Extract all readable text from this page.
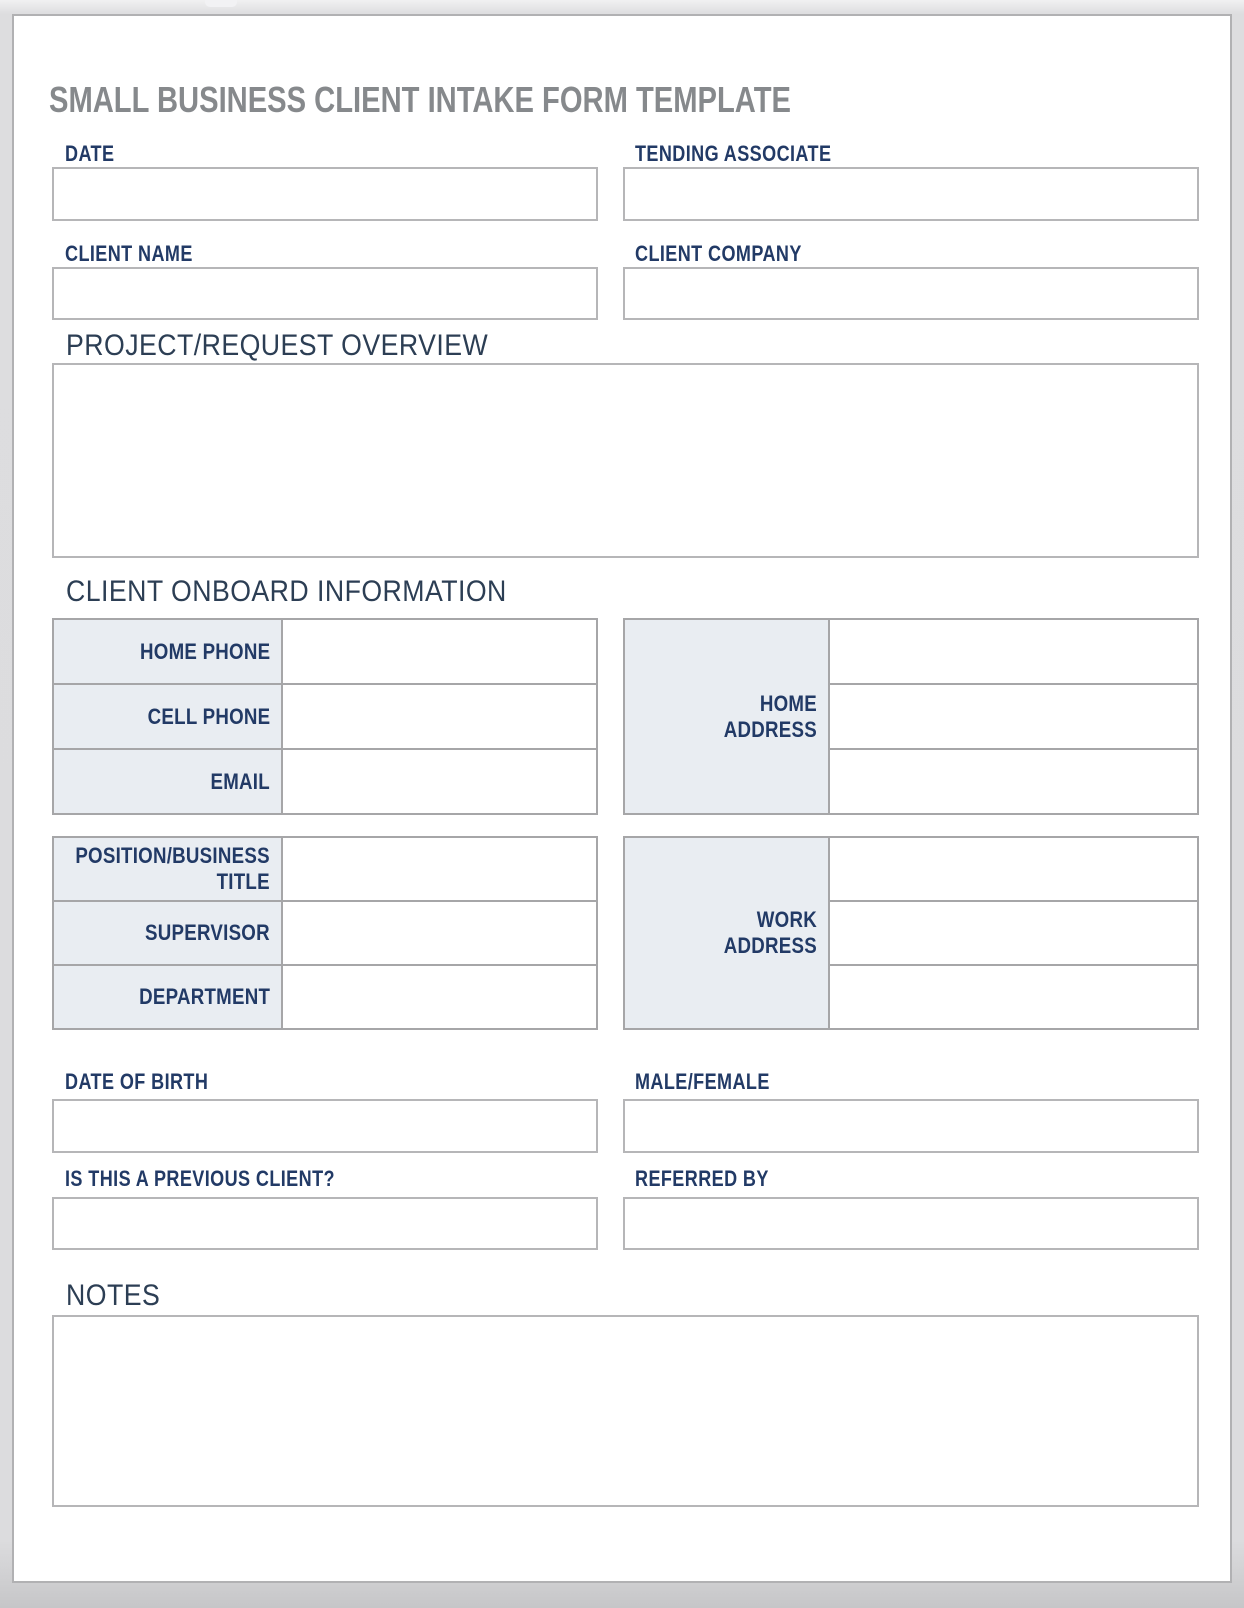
SMALL BUSINESS CLIENT INTAKE FORM TEMPLATE
DATE	TENDING ASSOCIATE
CLIENT NAME	CLIENT COMPANY
PROJECT/REQUEST OVERVIEW
CLIENT ONBOARD INFORMATION
HOME PHONE
CELL PHONE
EMAIL
HOME ADDRESS
POSITION/BUSINESS TITLE
SUPERVISOR
DEPARTMENT
WORK ADDRESS
DATE OF BIRTH	MALE/FEMALE
IS THIS A PREVIOUS CLIENT?	REFERRED BY
NOTES
